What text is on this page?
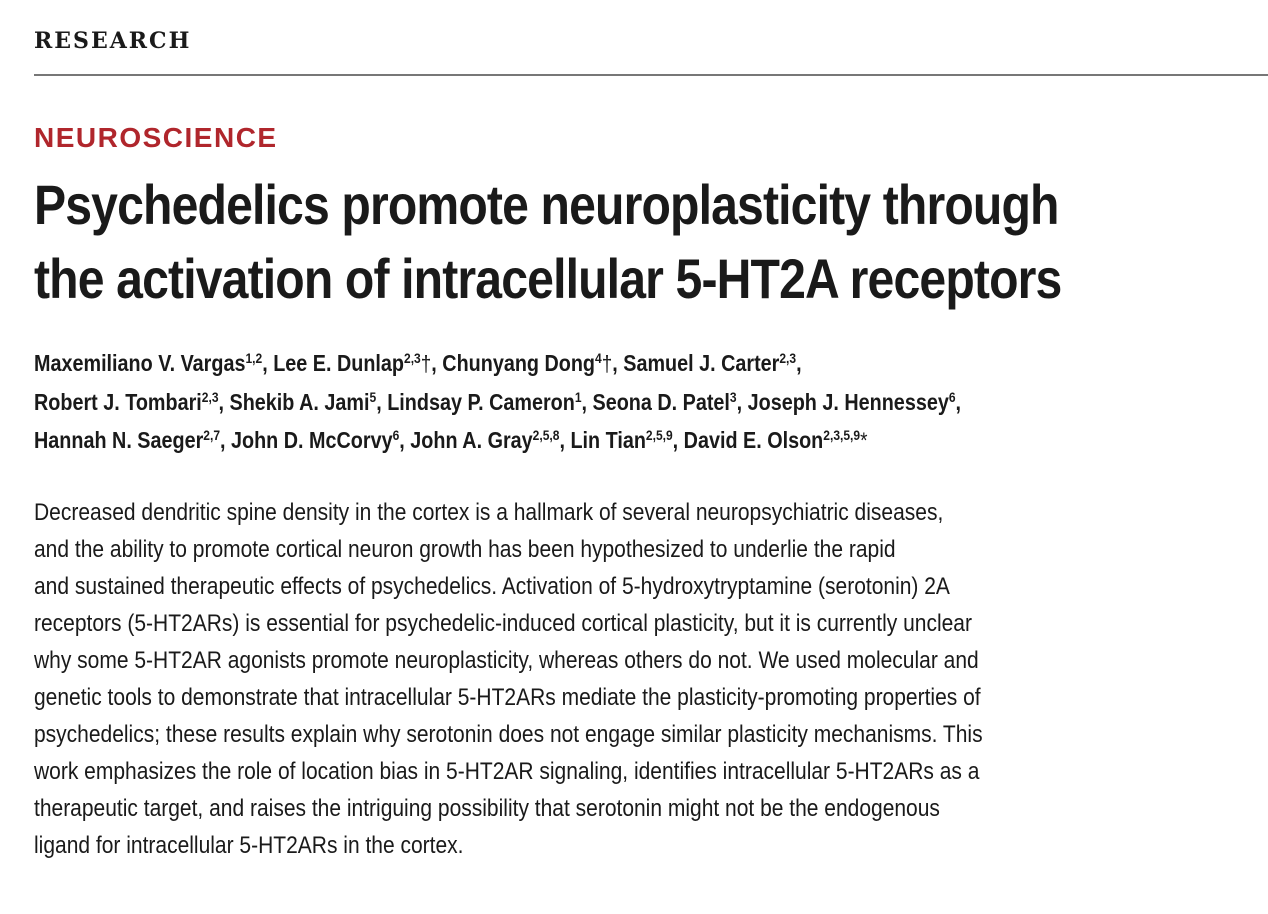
RESEARCH
NEUROSCIENCE
Psychedelics promote neuroplasticity through
the activation of intracellular 5-HT2A receptors
Maxemiliano V. Vargas$^{1,2}$, Lee E. Dunlap$^{2,3}$†, Chunyang Dong$^4$†, Samuel J. Carter$^{2,3}$,
Robert J. Tombari$^{2,3}$, Shekib A. Jami$^5$, Lindsay P. Cameron$^1$, Seona D. Patel$^3$, Joseph J. Hennessey$^6$,
Hannah N. Saeger$^{2,7}$, John D. McCorvy$^6$, John A. Gray$^{2,5,8}$, Lin Tian$^{2,5,9}$, David E. Olson$^{2,3,5,9}$*
Decreased dendritic spine density in the cortex is a hallmark of several neuropsychiatric diseases,
and the ability to promote cortical neuron growth has been hypothesized to underlie the rapid
and sustained therapeutic effects of psychedelics. Activation of 5-hydroxytryptamine (serotonin) 2A
receptors (5-HT2ARs) is essential for psychedelic-induced cortical plasticity, but it is currently unclear
why some 5-HT2AR agonists promote neuroplasticity, whereas others do not. We used molecular and
genetic tools to demonstrate that intracellular 5-HT2ARs mediate the plasticity-promoting properties of
psychedelics; these results explain why serotonin does not engage similar plasticity mechanisms. This
work emphasizes the role of location bias in 5-HT2AR signaling, identifies intracellular 5-HT2ARs as a
therapeutic target, and raises the intriguing possibility that serotonin might not be the endogenous
ligand for intracellular 5-HT2ARs in the cortex.
